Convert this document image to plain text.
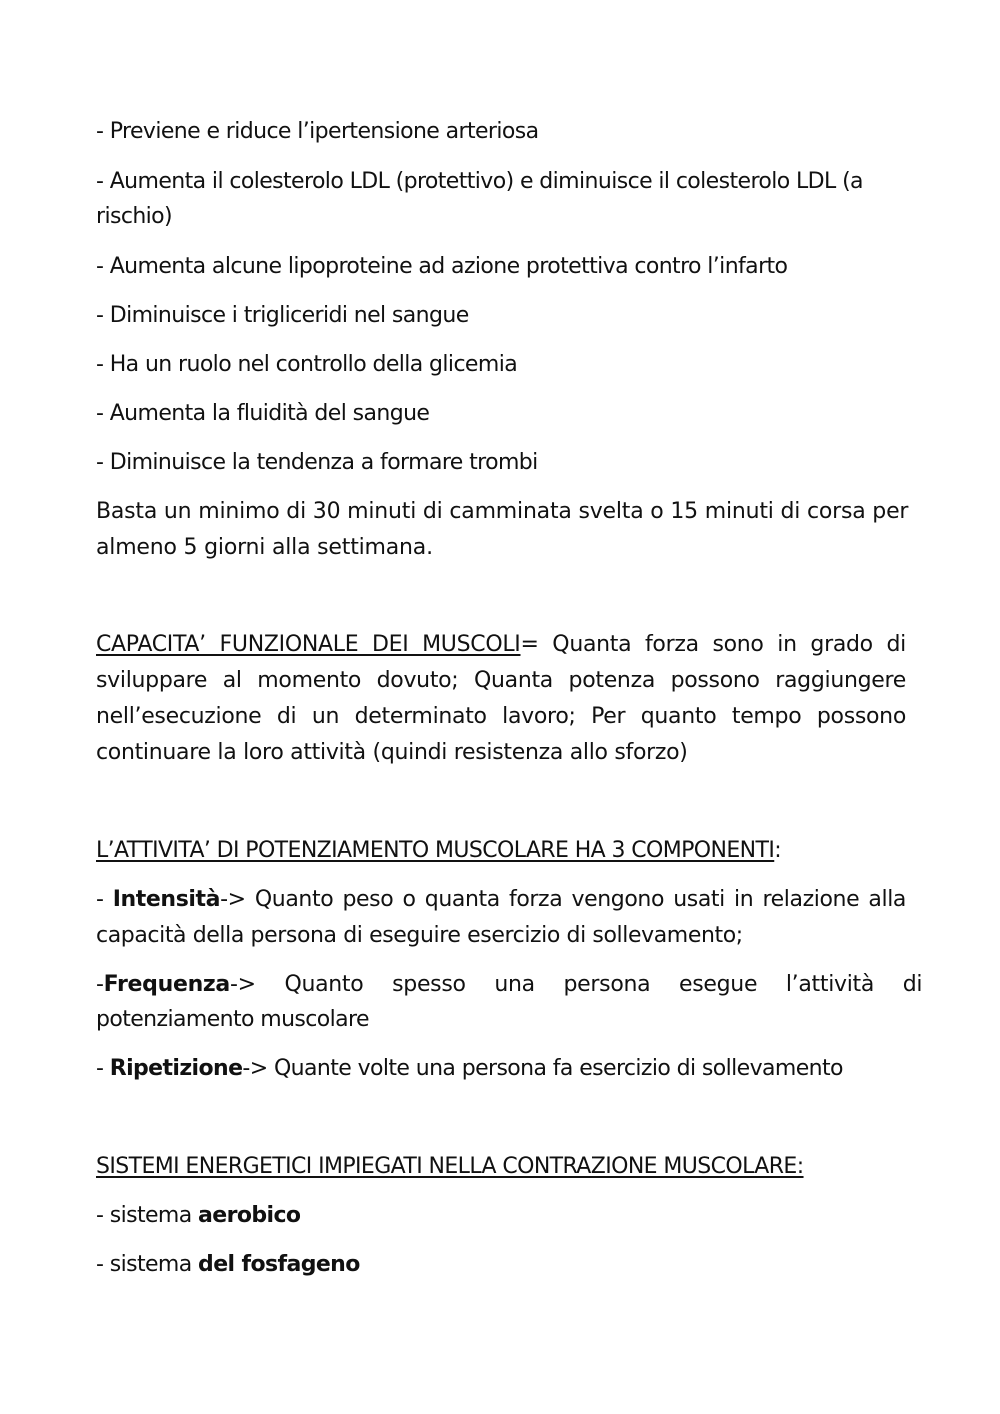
- Previene e riduce l’ipertensione arteriosa
- Aumenta il colesterolo LDL (protettivo) e diminuisce il colesterolo LDL (a
rischio)
- Aumenta alcune lipoproteine ad azione protettiva contro l’infarto
- Diminuisce i trigliceridi nel sangue
- Ha un ruolo nel controllo della glicemia
- Aumenta la fluidità del sangue
- Diminuisce la tendenza a formare trombi
Basta un minimo di 30 minuti di camminata svelta o 15 minuti di corsa per
almeno 5 giorni alla settimana.
CAPACITA’ FUNZIONALE DEI MUSCOLI= Quanta forza sono in grado di sviluppare al momento dovuto; Quanta potenza possono raggiungere nell’esecuzione di un determinato lavoro; Per quanto tempo possono continuare la loro attività (quindi resistenza allo sforzo)
L’ATTIVITA’ DI POTENZIAMENTO MUSCOLARE HA 3 COMPONENTI:
- Intensità-> Quanto peso o quanta forza vengono usati in relazione alla capacità della persona di eseguire esercizio di sollevamento;
- Frequenza-> Quanto spesso una persona esegue l’attività di
potenziamento muscolare
- Ripetizione-> Quante volte una persona fa esercizio di sollevamento
SISTEMI ENERGETICI IMPIEGATI NELLA CONTRAZIONE MUSCOLARE:
- sistema aerobico
- sistema del fosfageno
